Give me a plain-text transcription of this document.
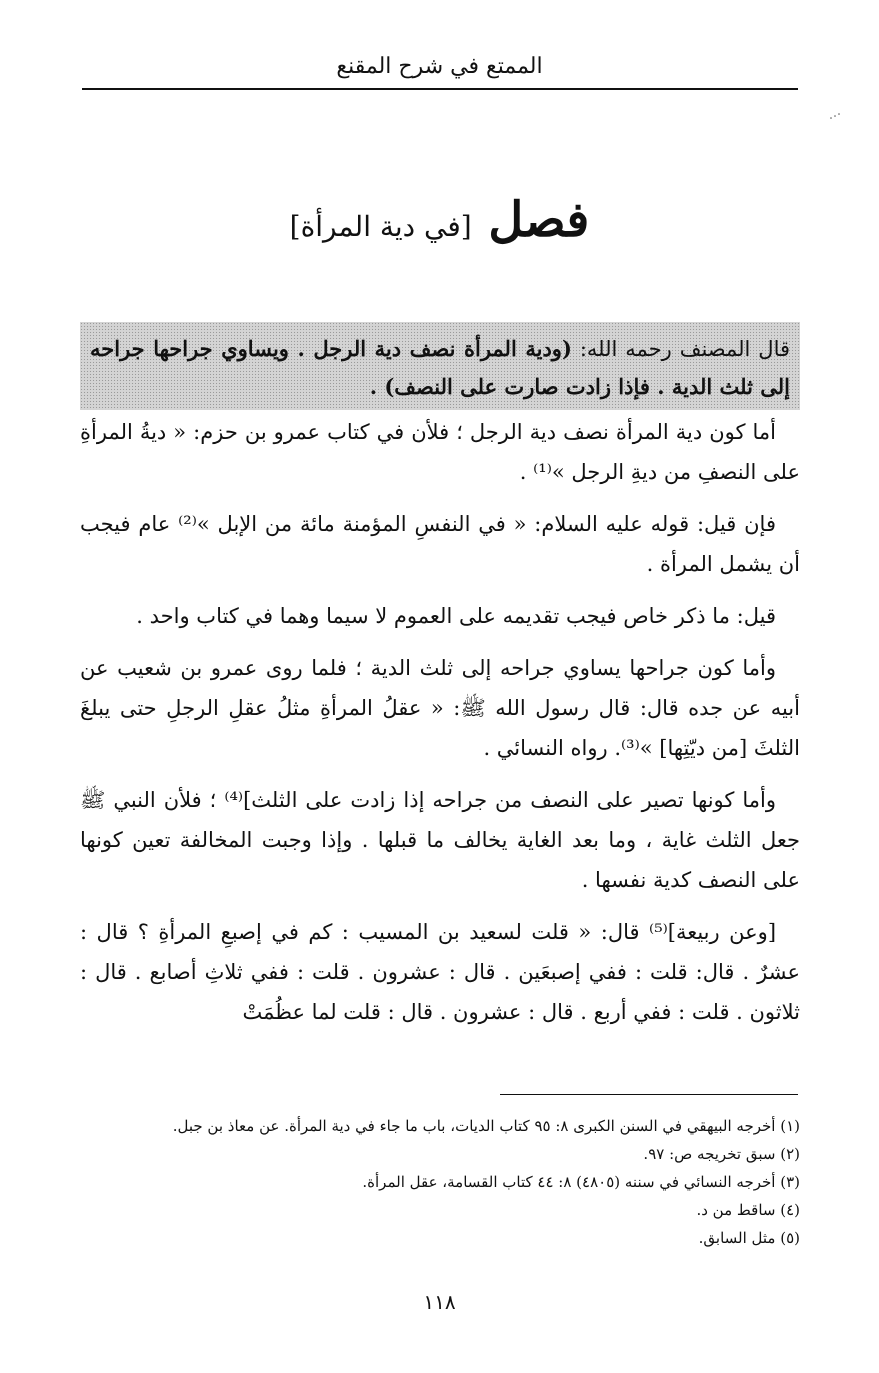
الممتع في شرح المقنع
فصل [في دية المرأة]
قال المصنف رحمه الله: (ودية المرأة نصف دية الرجل . ويساوي جراحها جراحه إلى ثلث الدية . فإذا زادت صارت على النصف) .

أما كون دية المرأة نصف دية الرجل ؛ فلأن في كتاب عمرو بن حزم: « ديةُ المرأةِ على النصفِ من ديةِ الرجل »⁽¹⁾ .

فإن قيل: قوله عليه السلام: « في النفسِ المؤمنة مائة من الإبل »⁽²⁾ عام فيجب أن يشمل المرأة .

قيل: ما ذكر خاص فيجب تقديمه على العموم لا سيما وهما في كتاب واحد .

وأما كون جراحها يساوي جراحه إلى ثلث الدية ؛ فلما روى عمرو بن شعيب عن أبيه عن جده قال: قال رسول الله ﷺ: « عقلُ المرأةِ مثلُ عقلِ الرجلِ حتى يبلغَ الثلثَ [من ديّتِها] »⁽³⁾. رواه النسائي .

وأما كونها تصير على النصف من جراحه إذا زادت على الثلث]⁽⁴⁾ ؛ فلأن النبي ﷺ جعل الثلث غاية ، وما بعد الغاية يخالف ما قبلها . وإذا وجبت المخالفة تعين كونها على النصف كدية نفسها .

[وعن ربيعة]⁽⁵⁾ قال: « قلت لسعيد بن المسيب : كم في إصبعِ المرأةِ ؟ قال : عشرٌ . قال: قلت : ففي إصبعَين . قال : عشرون . قلت : ففي ثلاثِ أصابع . قال : ثلاثون . قلت : ففي أربع . قال : عشرون . قال : قلت لما عظُمَتْ

(١) أخرجه البيهقي في السنن الكبرى ٨: ٩٥ كتاب الديات، باب ما جاء في دية المرأة. عن معاذ بن جبل.

(٢) سبق تخريجه ص: ٩٧.

(٣) أخرجه النسائي في سننه (٤٨٠٥) ٨: ٤٤ كتاب القسامة، عقل المرأة.

(٤) ساقط من د.

(٥) مثل السابق.

١١٨
